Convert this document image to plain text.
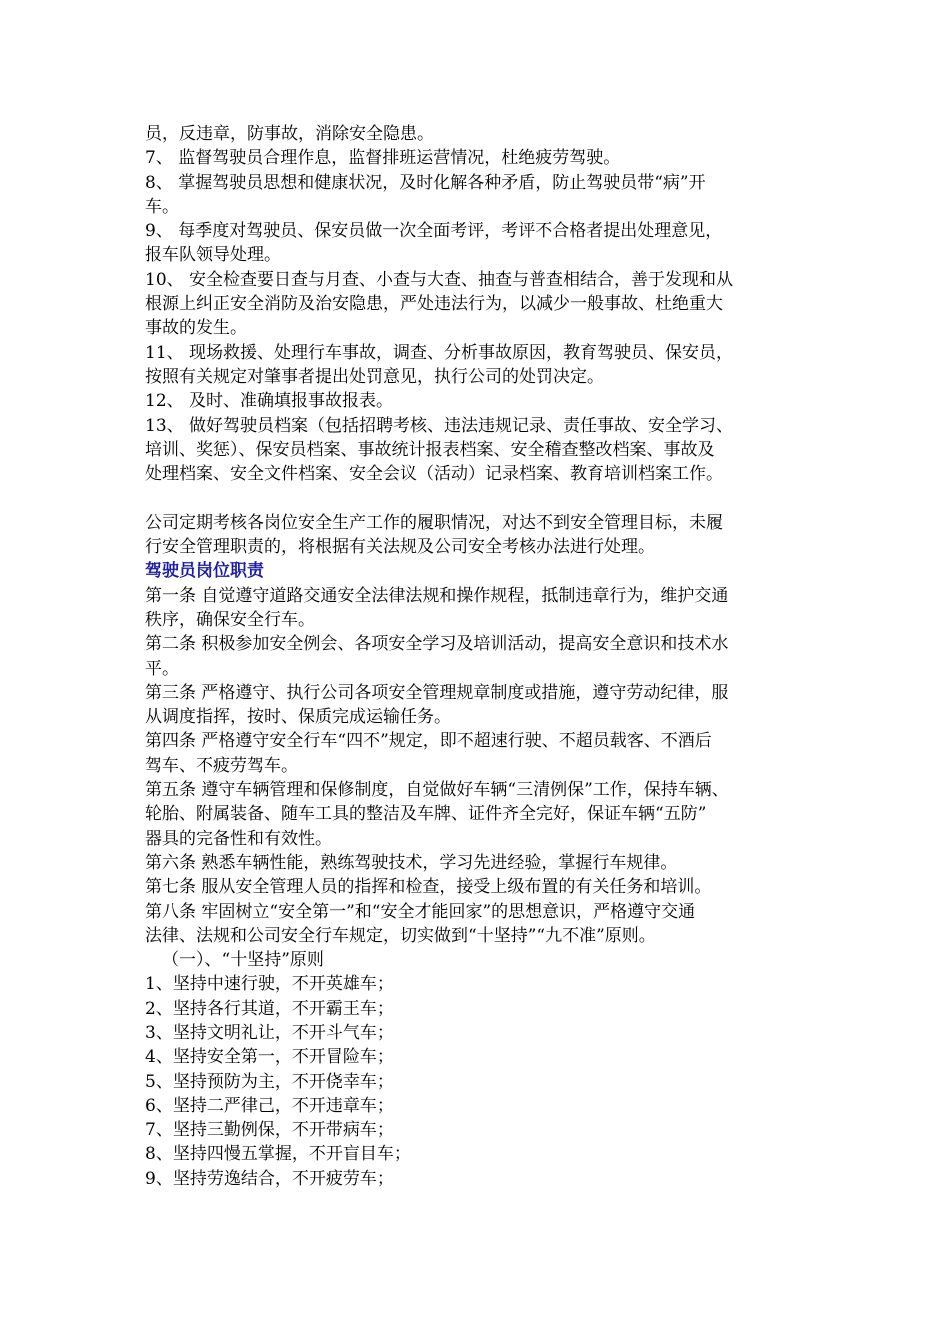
员，反违章，防事故，消除安全隐患。
7、 监督驾驶员合理作息，监督排班运营情况，杜绝疲劳驾驶。
8、 掌握驾驶员思想和健康状况，及时化解各种矛盾，防止驾驶员带“病”开
车。
9、 每季度对驾驶员、保安员做一次全面考评，考评不合格者提出处理意见，
报车队领导处理。
10、 安全检查要日查与月查、小查与大查、抽查与普查相结合，善于发现和从
根源上纠正安全消防及治安隐患，严处违法行为，以减少一般事故、杜绝重大
事故的发生。
11、 现场救援、处理行车事故，调查、分析事故原因，教育驾驶员、保安员，
按照有关规定对肇事者提出处罚意见，执行公司的处罚决定。
12、 及时、准确填报事故报表。
13、 做好驾驶员档案（包括招聘考核、违法违规记录、责任事故、安全学习、
培训、奖惩）、保安员档案、事故统计报表档案、安全稽查整改档案、事故及
处理档案、安全文件档案、安全会议（活动）记录档案、教育培训档案工作。
公司定期考核各岗位安全生产工作的履职情况，对达不到安全管理目标，未履
行安全管理职责的，将根据有关法规及公司安全考核办法进行处理。
驾驶员岗位职责
第一条 自觉遵守道路交通安全法律法规和操作规程，抵制违章行为，维护交通
秩序，确保安全行车。
第二条 积极参加安全例会、各项安全学习及培训活动，提高安全意识和技术水
平。
第三条 严格遵守、执行公司各项安全管理规章制度或措施，遵守劳动纪律，服
从调度指挥，按时、保质完成运输任务。
第四条 严格遵守安全行车“四不”规定，即不超速行驶、不超员载客、不酒后
驾车、不疲劳驾车。
第五条 遵守车辆管理和保修制度，自觉做好车辆“三清例保”工作，保持车辆、
轮胎、附属装备、随车工具的整洁及车牌、证件齐全完好，保证车辆“五防”
器具的完备性和有效性。
第六条 熟悉车辆性能，熟练驾驶技术，学习先进经验，掌握行车规律。
第七条 服从安全管理人员的指挥和检查，接受上级布置的有关任务和培训。
第八条 牢固树立“安全第一”和“安全才能回家”的思想意识，严格遵守交通
法律、法规和公司安全行车规定，切实做到“十坚持”“九不准”原则。
（一）、“十坚持”原则
1、坚持中速行驶，不开英雄车；
2、坚持各行其道，不开霸王车；
3、坚持文明礼让，不开斗气车；
4、坚持安全第一，不开冒险车；
5、坚持预防为主，不开侥幸车；
6、坚持二严律己，不开违章车；
7、坚持三勤例保，不开带病车；
8、坚持四慢五掌握，不开盲目车；
9、坚持劳逸结合，不开疲劳车；
